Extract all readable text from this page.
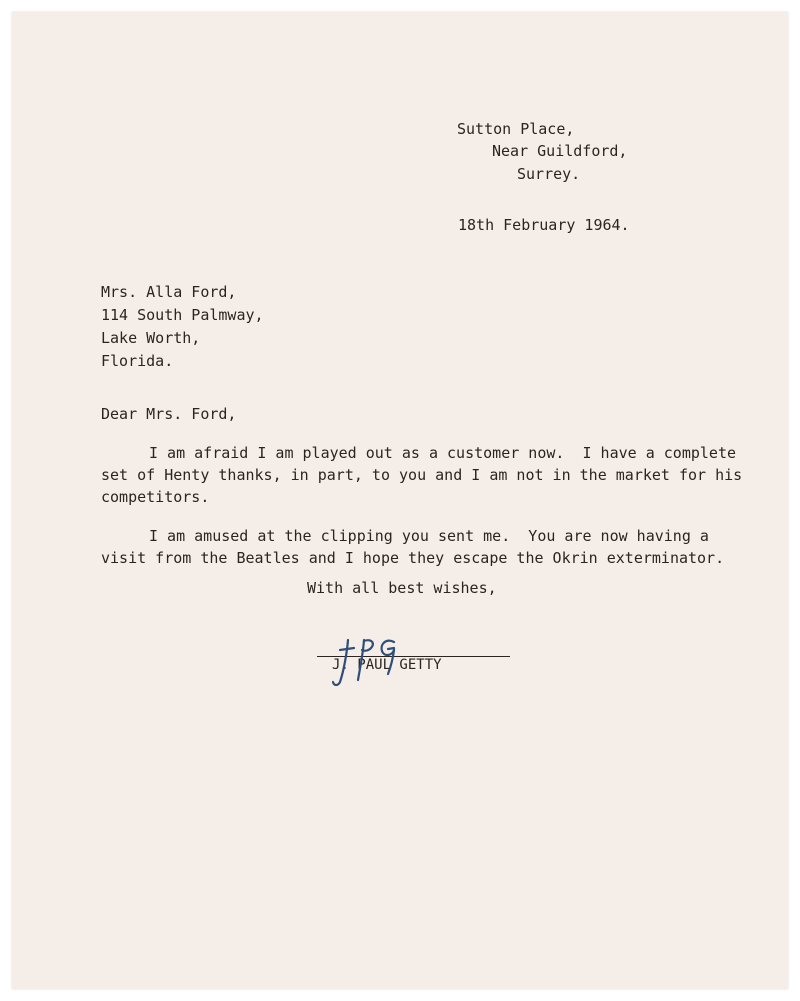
Sutton Place,

Near Guildford,

Surrey.

18th February 1964.

Mrs. Alla Ford,

114 South Palmway,

Lake Worth,

Florida.

Dear Mrs. Ford,

I am afraid I am played out as a customer now.  I have a complete

set of Henty thanks, in part, to you and I am not in the market for his

competitors.

I am amused at the clipping you sent me.  You are now having a

visit from the Beatles and I hope they escape the Okrin exterminator.

With all best wishes,

J. PAUL GETTY
